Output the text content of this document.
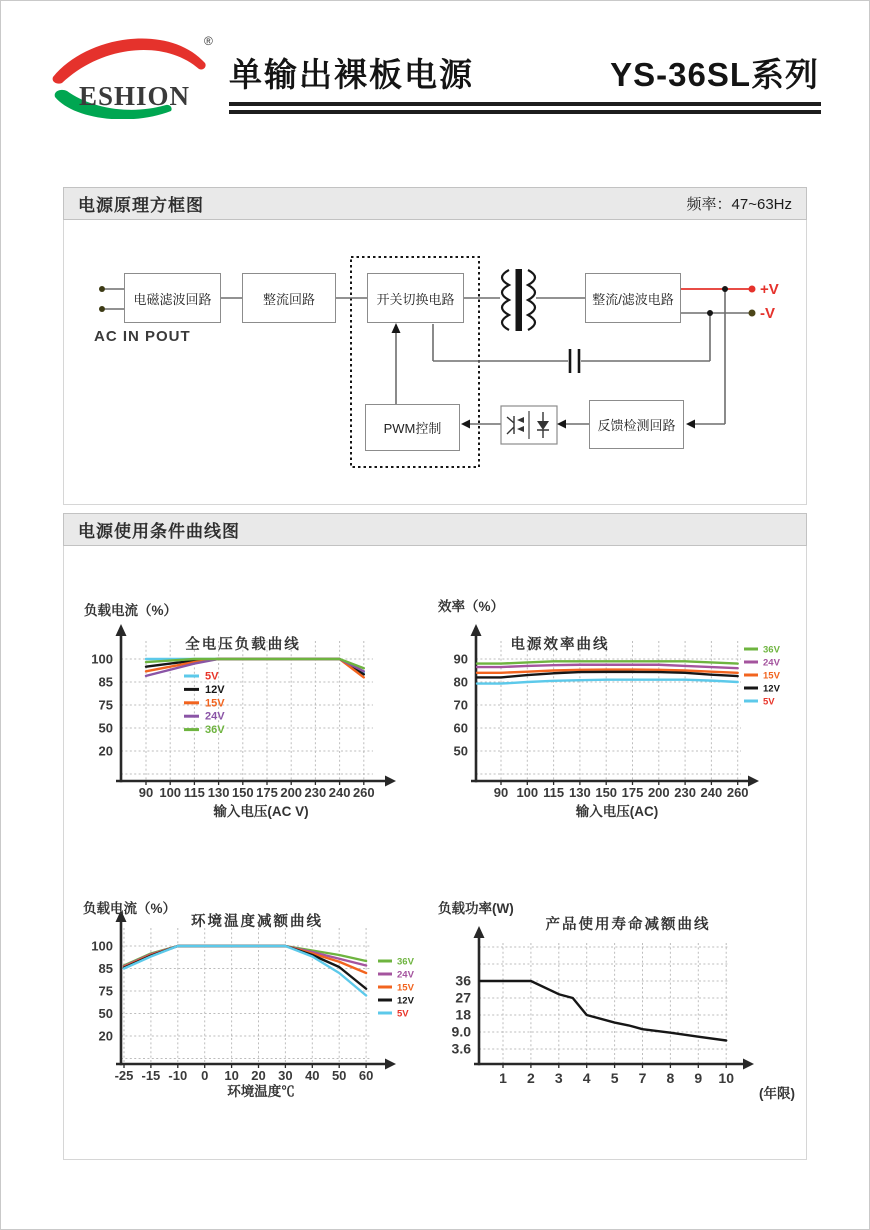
ESHION
®
单输出裸板电源	YS-36SL系列
电源原理方框图	频率：47~63Hz
+V
-V
电磁滤波回路	整流回路	开关切换电路	整流/滤波电路
PWM控制	反馈检测回路
AC IN POUT
电源使用条件曲线图
90 100 115 130 150 175 200 230 240 260
100
85
75
50
20
全电压负载曲线
负载电流（%）
输入电压(AC V)
5V
12V
15V
24V
36V
90 100 115 130 150 175 200 230 240 260
90
80
70
60
50
电源效率曲线
效率（%）
输入电压(AC)
36V
24V
15V
12V
5V
-25 -15 -10 0 10 20 30 40 50 60
100
85
75
50
20
环境温度减额曲线
负载电流（%）
环境温度℃
36V
24V
15V
12V
5V
1 2 3 4 5 7 8 9 10
36
27
18
9.0
3.6
产品使用寿命减额曲线
负载功率(W)
(年限)
